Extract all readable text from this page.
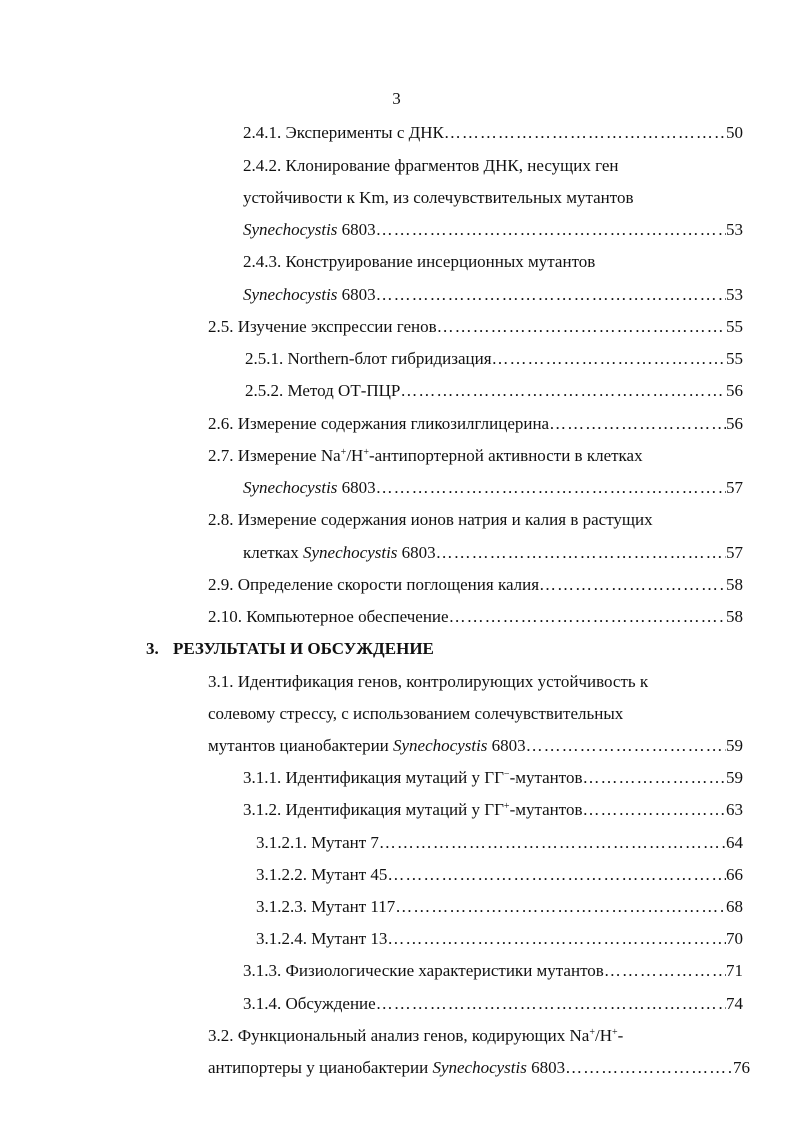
3
2.4.1. Эксперименты с ДНК …………………………………………………………………………………………………………………………………………………………	50
2.4.2. Клонирование фрагментов ДНК, несущих ген
устойчивости к Km, из солечувствительных мутантов
Synechocystis 6803 …………………………………………………………………………………………………………………………………………………………	53
2.4.3. Конструирование инсерционных мутантов
Synechocystis 6803 …………………………………………………………………………………………………………………………………………………………	53
2.5. Изучение экспрессии генов …………………………………………………………………………………………………………………………………………………………	55
2.5.1. Northern-блот гибридизация …………………………………………………………………………………………………………………………………………………………	55
2.5.2. Метод ОТ-ПЦР …………………………………………………………………………………………………………………………………………………………	56
2.6. Измерение содержания гликозилглицерина …………………………………………………………………………………………………………………………………………………………	56
2.7. Измерение Na+/H+-антипортерной активности в клетках
Synechocystis 6803 …………………………………………………………………………………………………………………………………………………………	57
2.8. Измерение содержания ионов натрия и калия в растущих
клетках Synechocystis 6803 …………………………………………………………………………………………………………………………………………………………	57
2.9. Определение скорости поглощения калия …………………………………………………………………………………………………………………………………………………………	58
2.10. Компьютерное обеспечение …………………………………………………………………………………………………………………………………………………………	58
3. РЕЗУЛЬТАТЫ И ОБСУЖДЕНИЕ
3.1. Идентификация генов, контролирующих устойчивость к
солевому стрессу, с использованием солечувствительных
мутантов цианобактерии Synechocystis 6803 …………………………………………………………………………………………………………………………………………………………	59
3.1.1. Идентификация мутаций у ГГ−-мутантов …………………………………………………………………………………………………………………………………………………………	59
3.1.2. Идентификация мутаций у ГГ+-мутантов …………………………………………………………………………………………………………………………………………………………	63
3.1.2.1. Мутант 7 …………………………………………………………………………………………………………………………………………………………	64
3.1.2.2. Мутант 45 …………………………………………………………………………………………………………………………………………………………	66
3.1.2.3. Мутант 117 …………………………………………………………………………………………………………………………………………………………	68
3.1.2.4. Мутант 13 …………………………………………………………………………………………………………………………………………………………	70
3.1.3. Физиологические характеристики мутантов …………………………………………………………………………………………………………………………………………………………	71
3.1.4. Обсуждение …………………………………………………………………………………………………………………………………………………………	74
3.2. Функциональный анализ генов, кодирующих Na+/H+-
антипортеры у цианобактерии Synechocystis 6803 …………………………………………………………………………………………………………………………………………………………	76
